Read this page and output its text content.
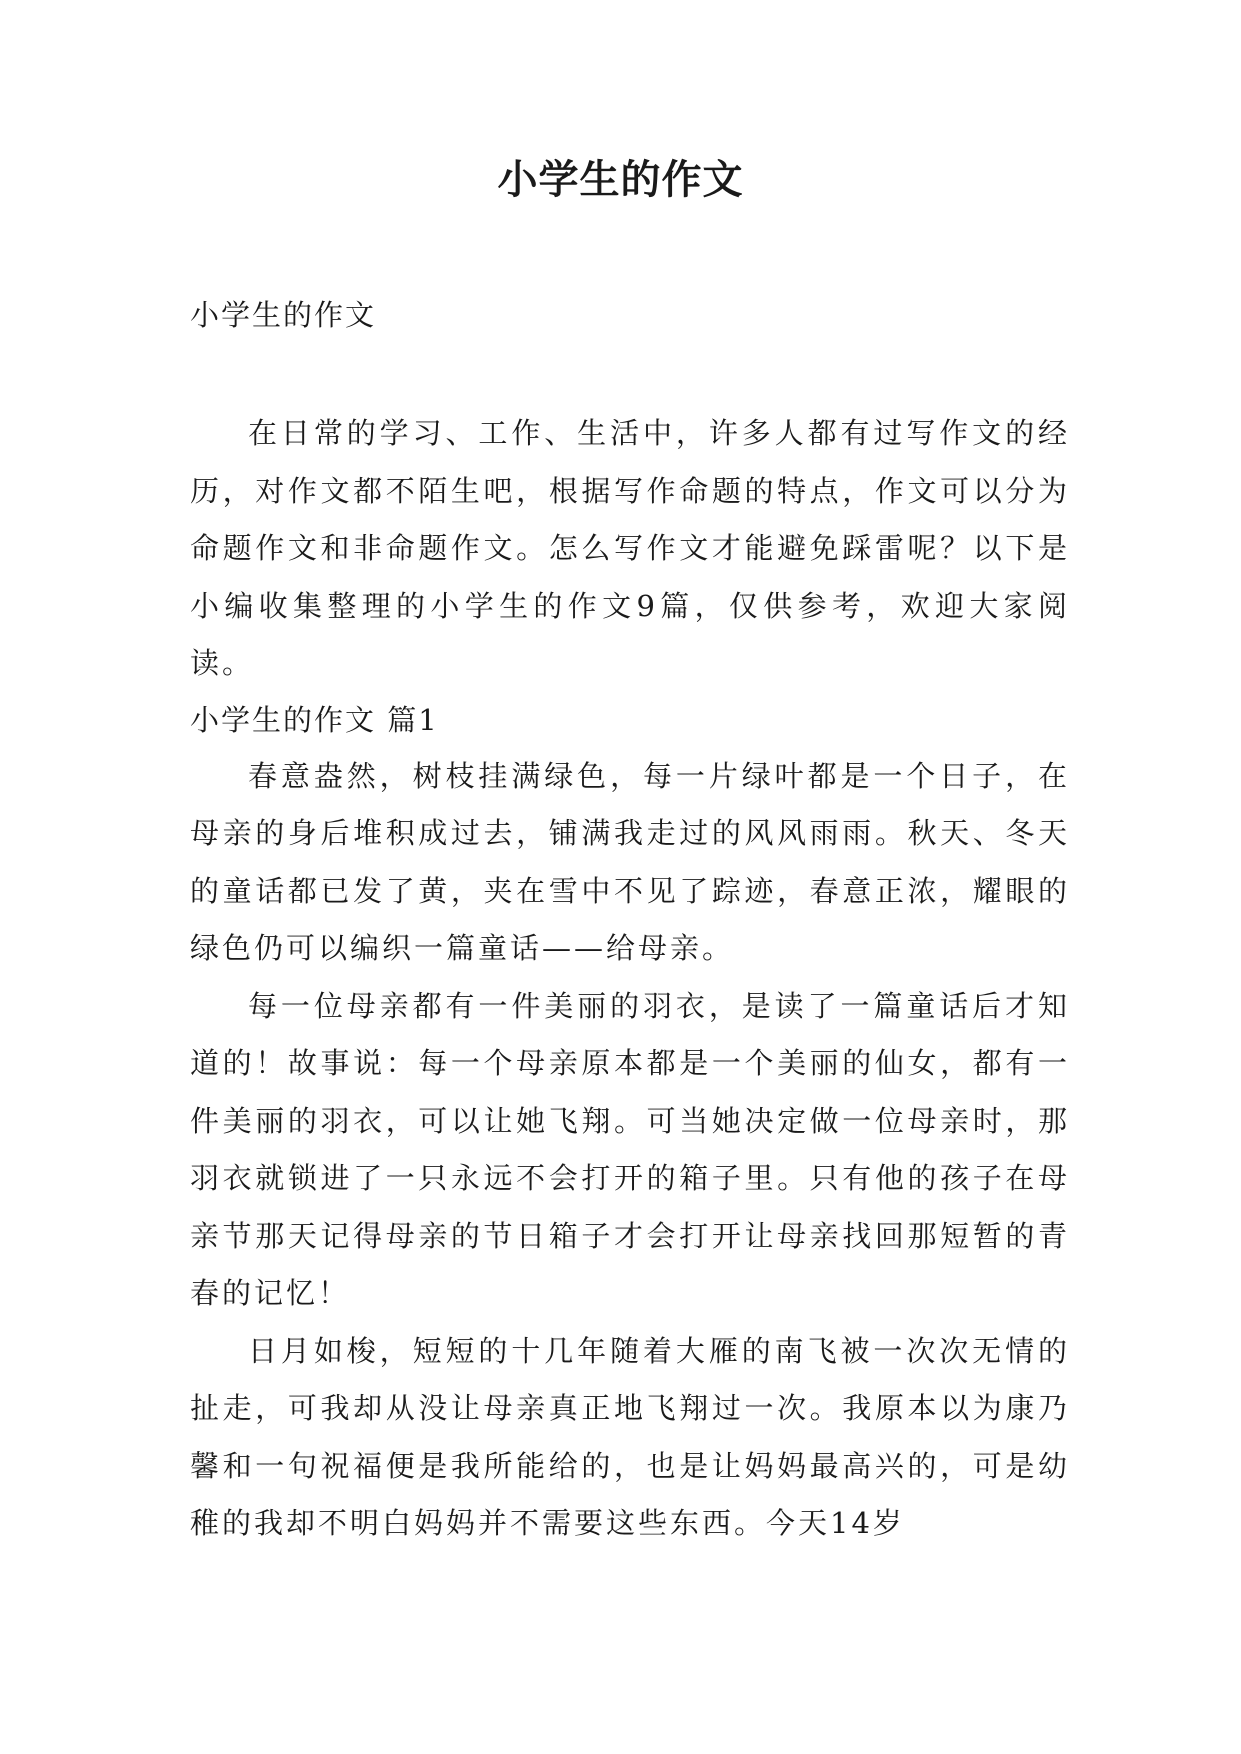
小学生的作文

小学生的作文

在日常的学习、工作、生活中，许多人都有过写作文的经历，对作文都不陌生吧，根据写作命题的特点，作文可以分为命题作文和非命题作文。怎么写作文才能避免踩雷呢？以下是小编收集整理的小学生的作文9篇，仅供参考，欢迎大家阅读。

小学生的作文 篇1

春意盎然，树枝挂满绿色，每一片绿叶都是一个日子，在母亲的身后堆积成过去，铺满我走过的风风雨雨。秋天、冬天的童话都已发了黄，夹在雪中不见了踪迹，春意正浓，耀眼的绿色仍可以编织一篇童话——给母亲。

每一位母亲都有一件美丽的羽衣，是读了一篇童话后才知道的！故事说：每一个母亲原本都是一个美丽的仙女，都有一件美丽的羽衣，可以让她飞翔。可当她决定做一位母亲时，那羽衣就锁进了一只永远不会打开的箱子里。只有他的孩子在母亲节那天记得母亲的节日箱子才会打开让母亲找回那短暂的青春的记忆！

日月如梭，短短的十几年随着大雁的南飞被一次次无情的扯走，可我却从没让母亲真正地飞翔过一次。我原本以为康乃馨和一句祝福便是我所能给的，也是让妈妈最高兴的，可是幼稚的我却不明白妈妈并不需要这些东西。今天14岁
